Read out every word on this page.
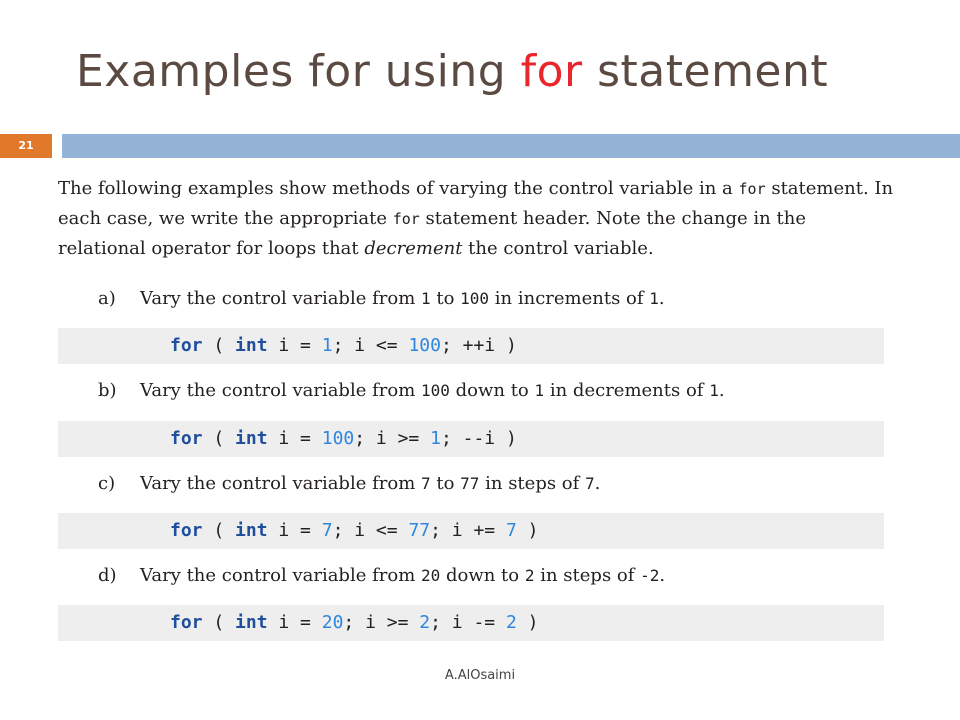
Examples for using for statement
21
The following examples show methods of varying the control variable in a for statement. In each case, we write the appropriate for statement header. Note the change in the relational operator for loops that decrement the control variable.
a) Vary the control variable from 1 to 100 in increments of 1.
for ( int i = 1; i <= 100; ++i )
b) Vary the control variable from 100 down to 1 in decrements of 1.
for ( int i = 100; i >= 1; --i )
c) Vary the control variable from 7 to 77 in steps of 7.
for ( int i = 7; i <= 77; i += 7 )
d) Vary the control variable from 20 down to 2 in steps of -2.
for ( int i = 20; i >= 2; i -= 2 )
A.AlOsaimi
